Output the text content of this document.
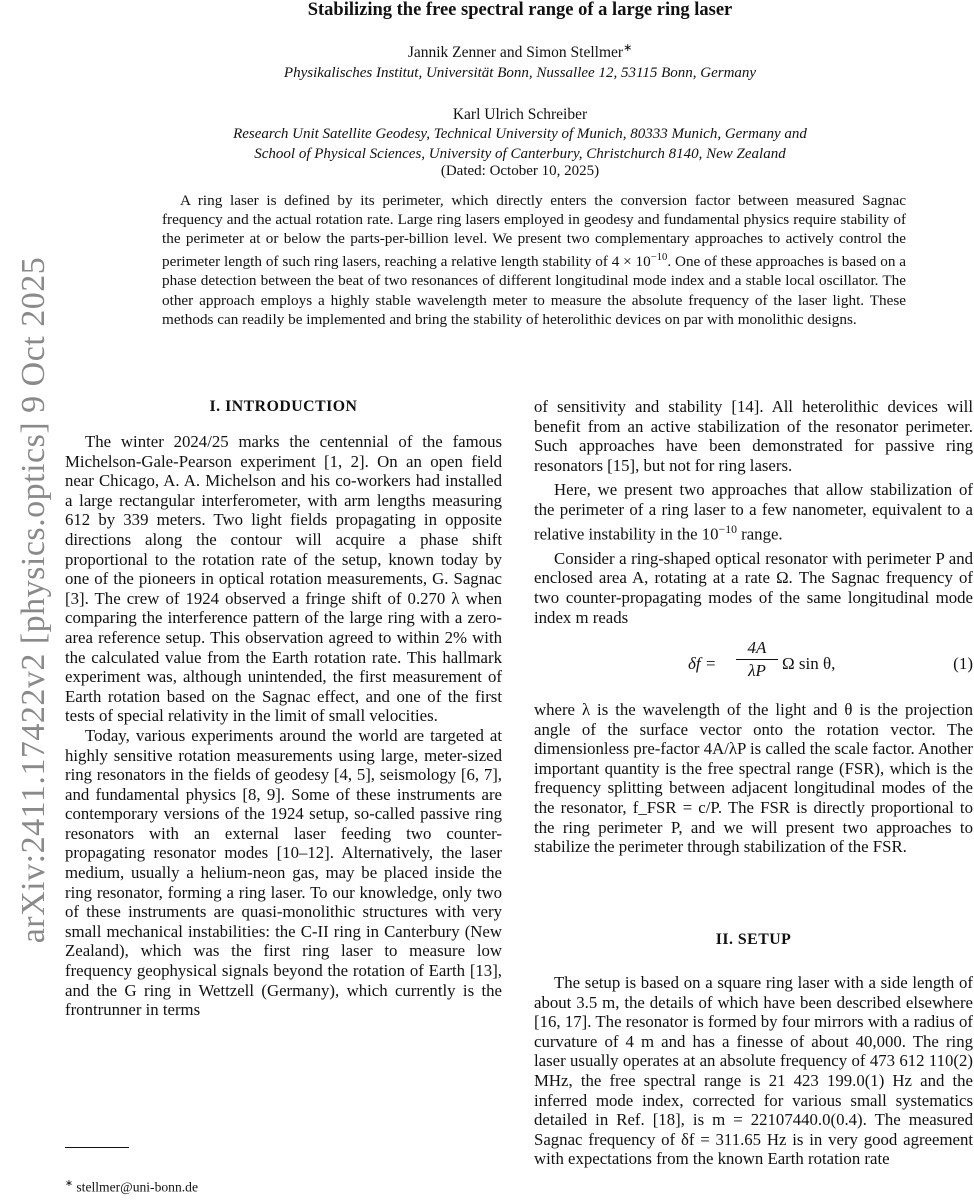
arXiv:2411.17422v2 [physics.optics] 9 Oct 2025
Stabilizing the free spectral range of a large ring laser
Jannik Zenner and Simon Stellmer∗
Physikalisches Institut, Universität Bonn, Nussallee 12, 53115 Bonn, Germany
Karl Ulrich Schreiber
Research Unit Satellite Geodesy, Technical University of Munich, 80333 Munich, Germany and
School of Physical Sciences, University of Canterbury, Christchurch 8140, New Zealand
(Dated: October 10, 2025)

A ring laser is defined by its perimeter, which directly enters the conversion factor between measured Sagnac frequency and the actual rotation rate. Large ring lasers employed in geodesy and fundamental physics require stability of the perimeter at or below the parts-per-billion level. We present two complementary approaches to actively control the perimeter length of such ring lasers, reaching a relative length stability of $4 \times 10^{-10}$. One of these approaches is based on a phase detection between the beat of two resonances of different longitudinal mode index and a stable local oscillator. The other approach employs a highly stable wavelength meter to measure the absolute frequency of the laser light. These methods can readily be implemented and bring the stability of heterolithic devices on par with monolithic designs.

I. INTRODUCTION

The winter 2024/25 marks the centennial of the famous Michelson-Gale-Pearson experiment [1, 2]. On an open field near Chicago, A. A. Michelson and his co-workers had installed a large rectangular interferometer, with arm lengths measuring 612 by 339 meters. Two light fields propagating in opposite directions along the contour will acquire a phase shift proportional to the rotation rate of the setup, known today by one of the pioneers in optical rotation measurements, G. Sagnac [3]. The crew of 1924 observed a fringe shift of 0.270 λ when comparing the interference pattern of the large ring with a zero-area reference setup. This observation agreed to within 2% with the calculated value from the Earth rotation rate. This hallmark experiment was, although unintended, the first measurement of Earth rotation based on the Sagnac effect, and one of the first tests of special relativity in the limit of small velocities.

Today, various experiments around the world are targeted at highly sensitive rotation measurements using large, meter-sized ring resonators in the fields of geodesy [4, 5], seismology [6, 7], and fundamental physics [8, 9]. Some of these instruments are contemporary versions of the 1924 setup, so-called passive ring resonators with an external laser feeding two counter-propagating resonator modes [10–12]. Alternatively, the laser medium, usually a helium-neon gas, may be placed inside the ring resonator, forming a ring laser. To our knowledge, only two of these instruments are quasi-monolithic structures with very small mechanical instabilities: the C-II ring in Canterbury (New Zealand), which was the first ring laser to measure low frequency geophysical signals beyond the rotation of Earth [13], and the G ring in Wettzell (Germany), which currently is the frontrunner in terms

of sensitivity and stability [14]. All heterolithic devices will benefit from an active stabilization of the resonator perimeter. Such approaches have been demonstrated for passive ring resonators [15], but not for ring lasers.

Here, we present two approaches that allow stabilization of the perimeter of a ring laser to a few nanometer, equivalent to a relative instability in the $10^{-10}$ range.

Consider a ring-shaped optical resonator with perimeter P and enclosed area A, rotating at a rate Ω. The Sagnac frequency of two counter-propagating modes of the same longitudinal mode index m reads

$\delta f = \frac{4A}{\lambda P}$ Ω sin θ,	(1)

where λ is the wavelength of the light and θ is the projection angle of the surface vector onto the rotation vector. The dimensionless pre-factor 4A/λP is called the scale factor. Another important quantity is the free spectral range (FSR), which is the frequency splitting between adjacent longitudinal modes of the the resonator, f_FSR = c/P. The FSR is directly proportional to the ring perimeter P, and we will present two approaches to stabilize the perimeter through stabilization of the FSR.

II. SETUP

The setup is based on a square ring laser with a side length of about 3.5 m, the details of which have been described elsewhere [16, 17]. The resonator is formed by four mirrors with a radius of curvature of 4 m and has a finesse of about 40,000. The ring laser usually operates at an absolute frequency of 473 612 110(2) MHz, the free spectral range is 21 423 199.0(1) Hz and the inferred mode index, corrected for various small systematics detailed in Ref. [18], is m = 22107440.0(0.4). The measured Sagnac frequency of δf = 311.65 Hz is in very good agreement with expectations from the known Earth rotation rate

∗ stellmer@uni-bonn.de
